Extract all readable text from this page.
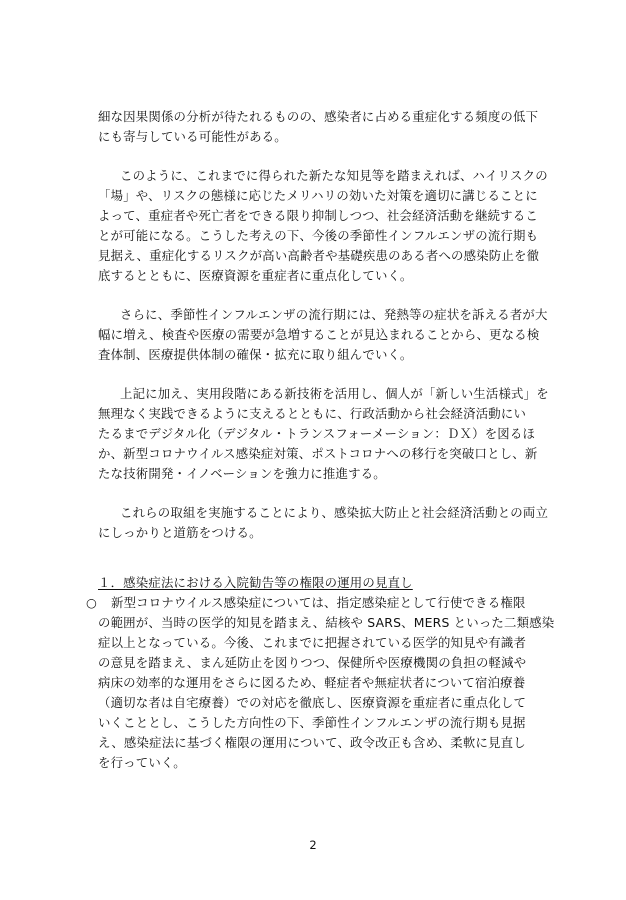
細な因果関係の分析が待たれるものの、感染者に占める重症化する頻度の低下
にも寄与している可能性がある。
このように、これまでに得られた新たな知見等を踏まえれば、ハイリスクの
「場」や、リスクの態様に応じたメリハリの効いた対策を適切に講じることに
よって、重症者や死亡者をできる限り抑制しつつ、社会経済活動を継続するこ
とが可能になる。こうした考えの下、今後の季節性インフルエンザの流行期も
見据え、重症化するリスクが高い高齢者や基礎疾患のある者への感染防止を徹
底するとともに、医療資源を重症者に重点化していく。
さらに、季節性インフルエンザの流行期には、発熱等の症状を訴える者が大
幅に増え、検査や医療の需要が急増することが見込まれることから、更なる検
査体制、医療提供体制の確保・拡充に取り組んでいく。
上記に加え、実用段階にある新技術を活用し、個人が「新しい生活様式」を
無理なく実践できるように支えるとともに、行政活動から社会経済活動にい
たるまでデジタル化（デジタル・トランスフォーメーション：ＤＸ）を図るほ
か、新型コロナウイルス感染症対策、ポストコロナへの移行を突破口とし、新
たな技術開発・イノベーションを強力に推進する。
これらの取組を実施することにより、感染拡大防止と社会経済活動との両立
にしっかりと道筋をつける。
１．感染症法における入院勧告等の権限の運用の見直し
○ 新型コロナウイルス感染症については、指定感染症として行使できる権限
の範囲が、当時の医学的知見を踏まえ、結核や SARS、MERS といった二類感染
症以上となっている。今後、これまでに把握されている医学的知見や有識者
の意見を踏まえ、まん延防止を図りつつ、保健所や医療機関の負担の軽減や
病床の効率的な運用をさらに図るため、軽症者や無症状者について宿泊療養
（適切な者は自宅療養）での対応を徹底し、医療資源を重症者に重点化して
いくこととし、こうした方向性の下、季節性インフルエンザの流行期も見据
え、感染症法に基づく権限の運用について、政令改正も含め、柔軟に見直し
を行っていく。
2
